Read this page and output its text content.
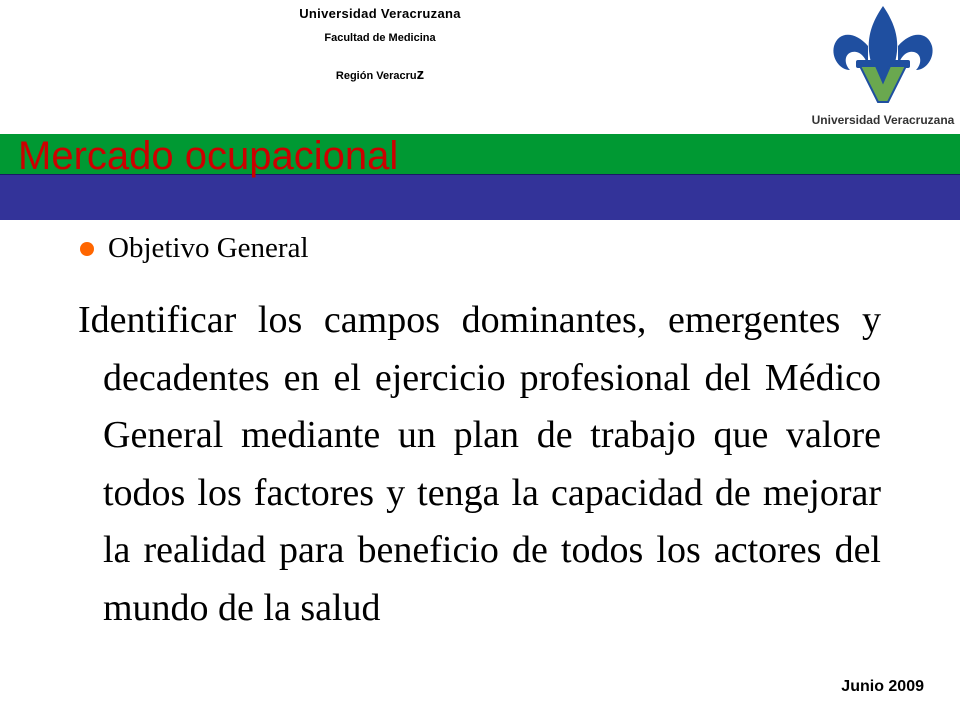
Universidad Veracruzana
Facultad de Medicina
Región Veracruz
Universidad Veracruzana
Mercado ocupacional
Objetivo General

Identificar los campos dominantes, emergentes y decadentes en el ejercicio profesional del Médico General mediante un plan de trabajo que valore todos los factores y tenga la capacidad de mejorar la realidad para beneficio de todos los actores del mundo de la salud

Junio 2009
